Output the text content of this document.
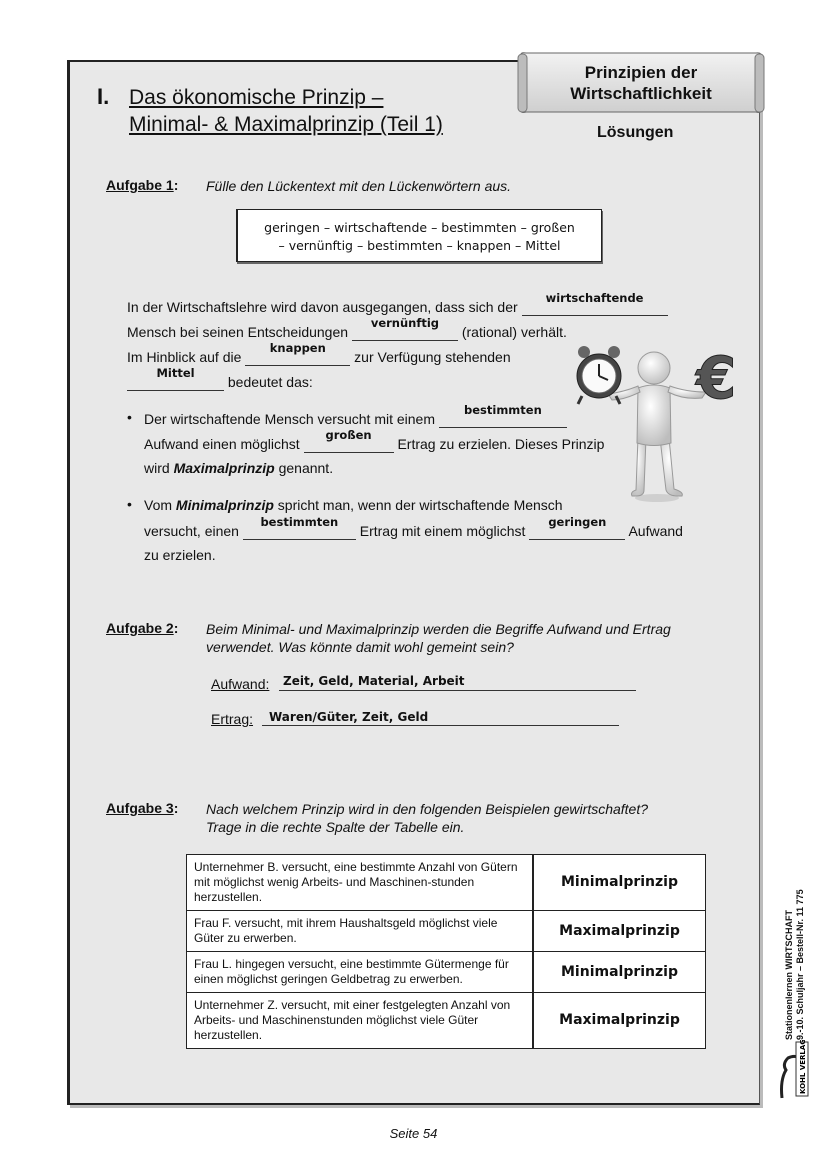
Prinzipien der
Wirtschaftlichkeit
Lösungen
I. Das ökonomische Prinzip –
Minimal- & Maximalprinzip (Teil 1)
Aufgabe 1: Fülle den Lückentext mit den Lückenwörtern aus.
geringen – wirtschaftende – bestimmten – großen
– vernünftig – bestimmten – knappen – Mittel
In der Wirtschaftslehre wird davon ausgegangen, dass sich der
wirtschaftende
Mensch bei seinen Entscheidungen
vernünftig
(rational) verhält.
Im Hinblick auf die
knappen
zur Verfügung stehenden
Mittel
bedeutet das:
• Der wirtschaftende Mensch versucht mit einem
bestimmten
Aufwand einen möglichst
großen
Ertrag zu erzielen. Dieses Prinzip
wird Maximalprinzip genannt.
• Vom Minimalprinzip spricht man, wenn der wirtschaftende Mensch
versucht, einen
bestimmten
Ertrag mit einem möglichst
geringen
Aufwand
zu erzielen.
€
Aufgabe 2: Beim Minimal- und Maximalprinzip werden die Begriffe Aufwand und Ertrag
verwendet. Was könnte damit wohl gemeint sein?
Aufwand: Zeit, Geld, Material, Arbeit
Ertrag: Waren/Güter, Zeit, Geld
Aufgabe 3: Nach welchem Prinzip wird in den folgenden Beispielen gewirtschaftet?
Trage in die rechte Spalte der Tabelle ein.
Unternehmer B. versucht, eine bestimmte Anzahl von Gütern mit möglichst wenig Arbeits- und Maschinen-stunden herzustellen.	Minimalprinzip
Frau F. versucht, mit ihrem Haushaltsgeld möglichst viele Güter zu erwerben.	Maximalprinzip
Frau L. hingegen versucht, eine bestimmte Gütermenge für einen möglichst geringen Geldbetrag zu erwerben.	Minimalprinzip
Unternehmer Z. versucht, mit einer festgelegten Anzahl von Arbeits- und Maschinenstunden möglichst viele Güter herzustellen.	Maximalprinzip	Stationenlernen WIRTSCHAFT 9.-10. Schuljahr – Bestell-Nr. 11 775
KOHL VERLAG
Seite 54
